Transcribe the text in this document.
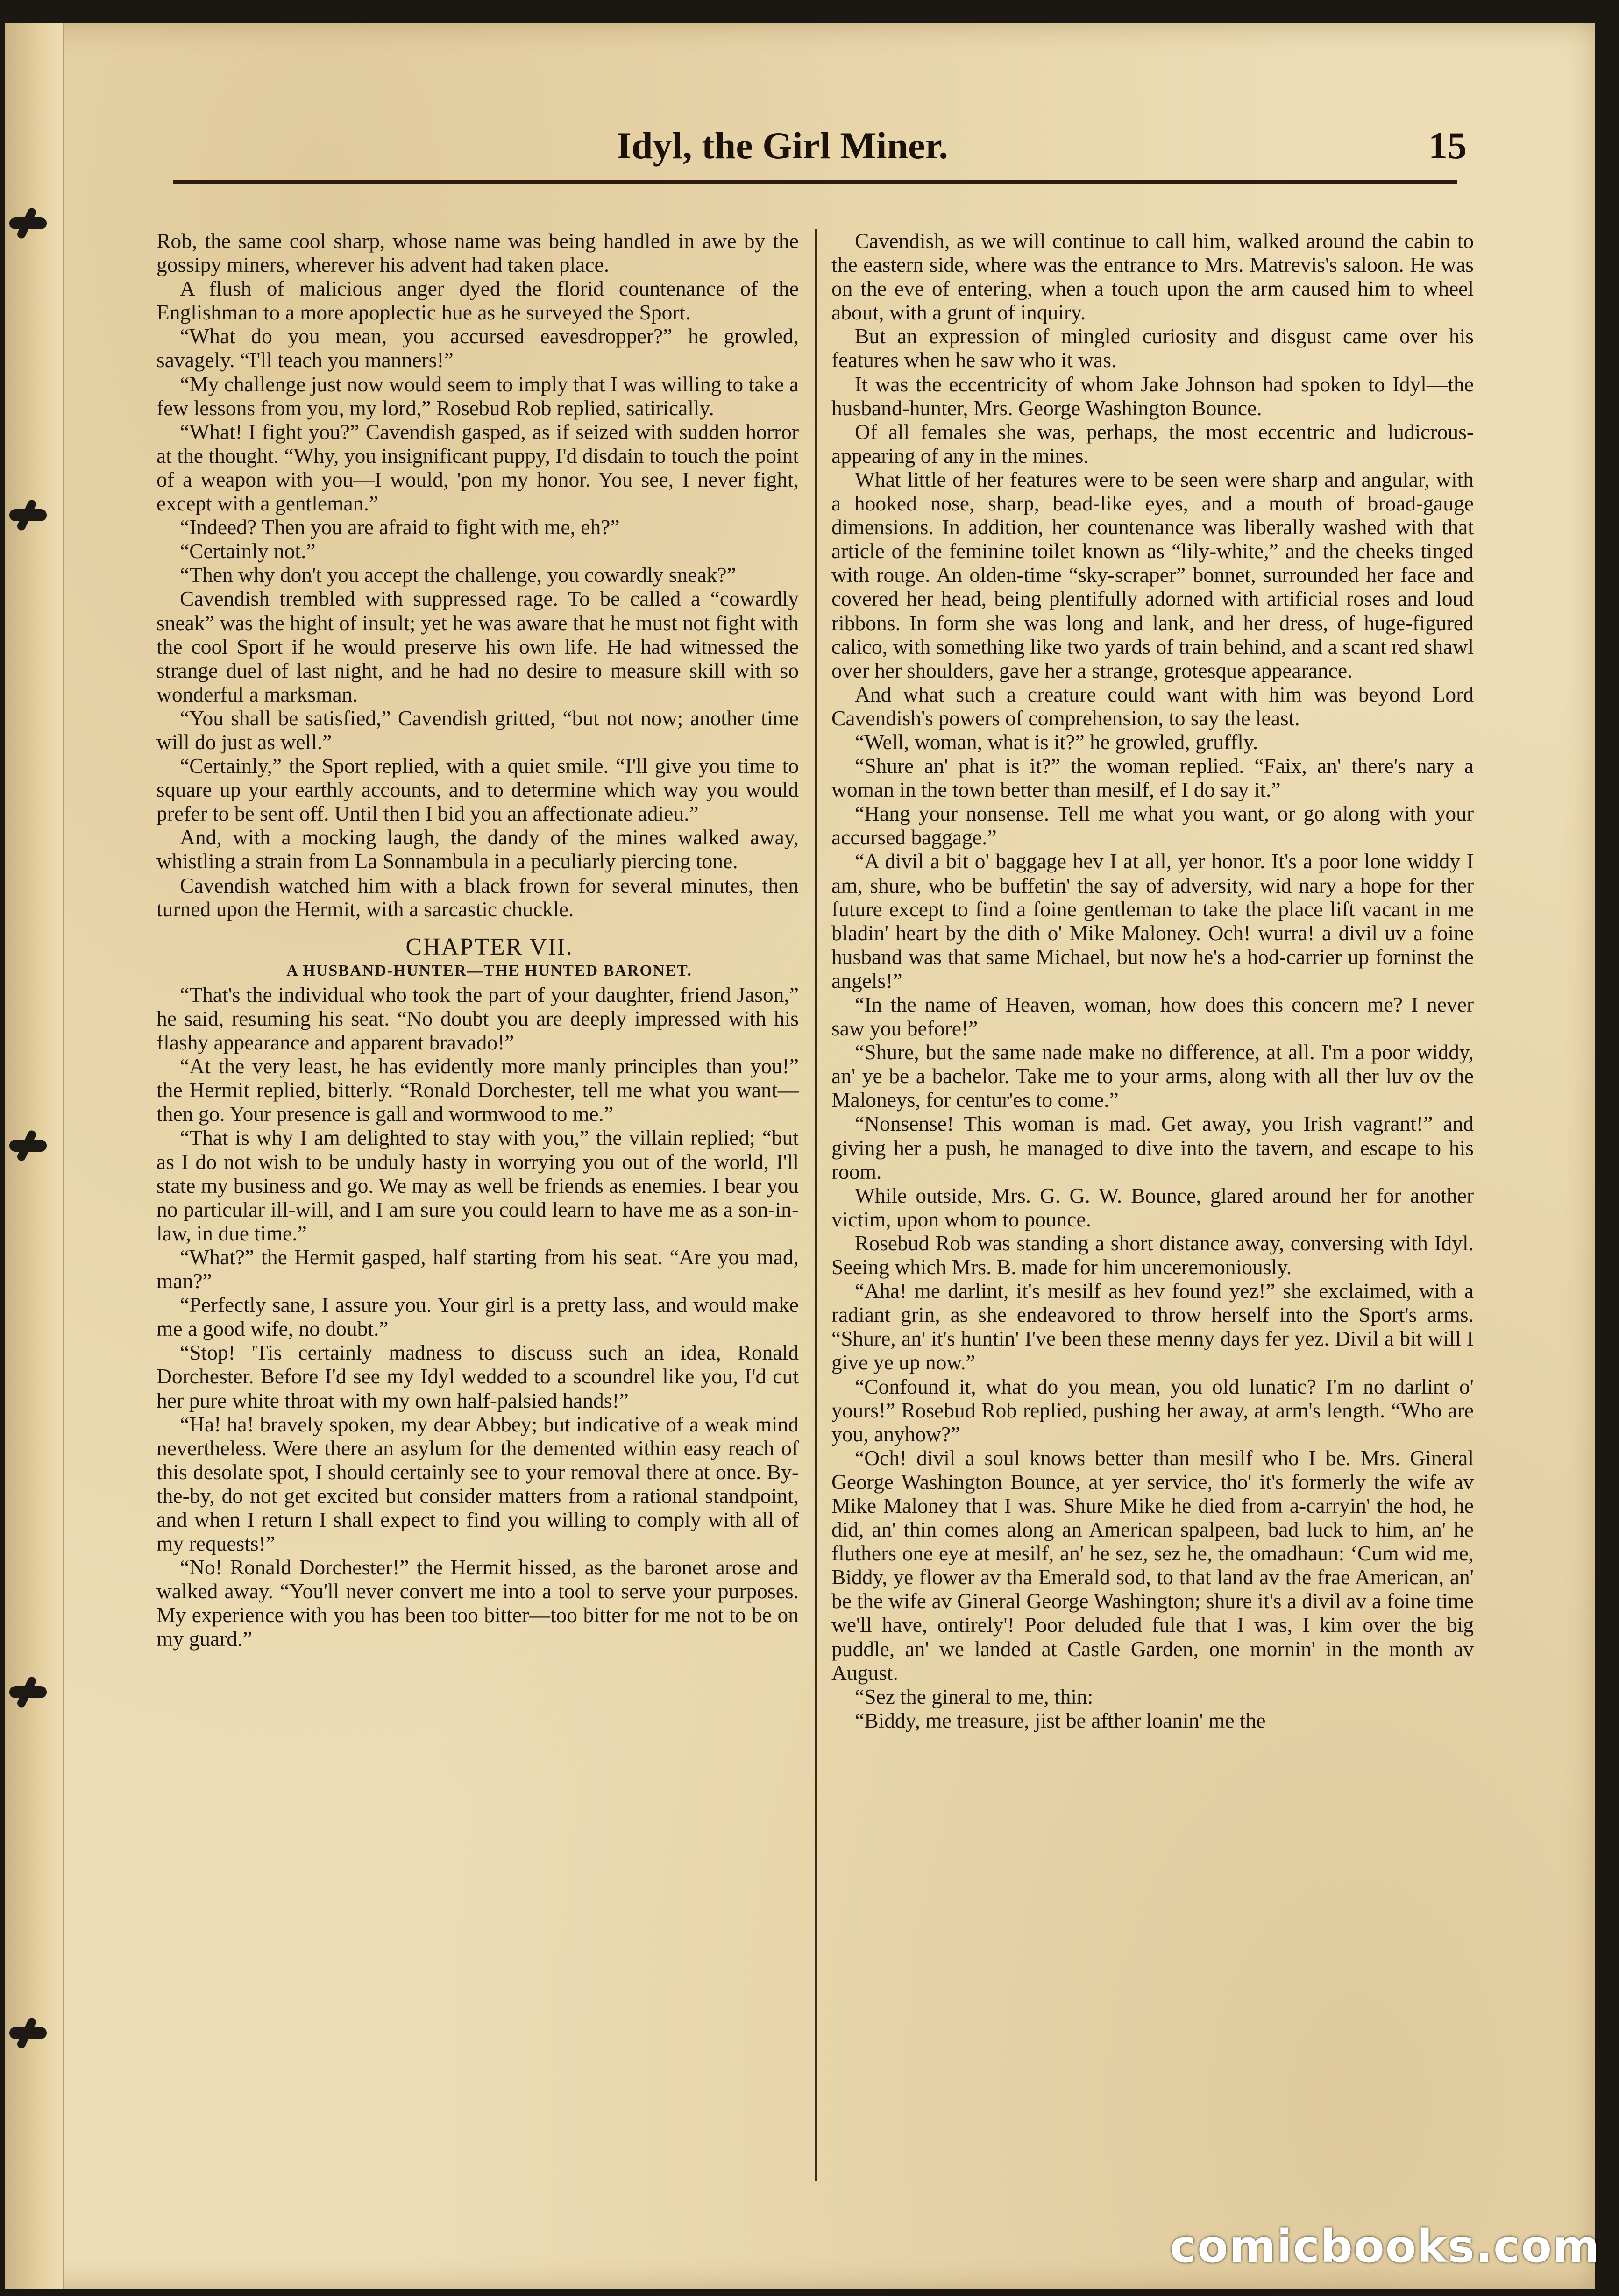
Idyl, the Girl Miner.	15

Rob, the same cool sharp, whose name was being handled in awe by the gossipy miners, wherever his advent had taken place.

A flush of malicious anger dyed the florid countenance of the Englishman to a more apoplectic hue as he surveyed the Sport.

“What do you mean, you accursed eavesdropper?” he growled, savagely. “I'll teach you manners!”

“My challenge just now would seem to imply that I was willing to take a few lessons from you, my lord,” Rosebud Rob replied, satirically.

“What! I fight you?” Cavendish gasped, as if seized with sudden horror at the thought. “Why, you insignificant puppy, I'd disdain to touch the point of a weapon with you—I would, 'pon my honor. You see, I never fight, except with a gentleman.”

“Indeed? Then you are afraid to fight with me, eh?”

“Certainly not.”

“Then why don't you accept the challenge, you cowardly sneak?”

Cavendish trembled with suppressed rage. To be called a “cowardly sneak” was the hight of insult; yet he was aware that he must not fight with the cool Sport if he would preserve his own life. He had witnessed the strange duel of last night, and he had no desire to measure skill with so wonderful a marksman.

“You shall be satisfied,” Cavendish gritted, “but not now; another time will do just as well.”

“Certainly,” the Sport replied, with a quiet smile. “I'll give you time to square up your earthly accounts, and to determine which way you would prefer to be sent off. Until then I bid you an affectionate adieu.”

And, with a mocking laugh, the dandy of the mines walked away, whistling a strain from La Sonnambula in a peculiarly piercing tone.

Cavendish watched him with a black frown for several minutes, then turned upon the Hermit, with a sarcastic chuckle.

CHAPTER VII.

A HUSBAND-HUNTER—THE HUNTED BARONET.

“That's the individual who took the part of your daughter, friend Jason,” he said, resuming his seat. “No doubt you are deeply impressed with his flashy appearance and apparent bravado!”

“At the very least, he has evidently more manly principles than you!” the Hermit replied, bitterly. “Ronald Dorchester, tell me what you want—then go. Your presence is gall and wormwood to me.”

“That is why I am delighted to stay with you,” the villain replied; “but as I do not wish to be unduly hasty in worrying you out of the world, I'll state my business and go. We may as well be friends as enemies. I bear you no particular ill-will, and I am sure you could learn to have me as a son-in-law, in due time.”

“What?” the Hermit gasped, half starting from his seat. “Are you mad, man?”

“Perfectly sane, I assure you. Your girl is a pretty lass, and would make me a good wife, no doubt.”

“Stop! 'Tis certainly madness to discuss such an idea, Ronald Dorchester. Before I'd see my Idyl wedded to a scoundrel like you, I'd cut her pure white throat with my own half-palsied hands!”

“Ha! ha! bravely spoken, my dear Abbey; but indicative of a weak mind nevertheless. Were there an asylum for the demented within easy reach of this desolate spot, I should certainly see to your removal there at once. By-the-by, do not get excited but consider matters from a rational standpoint, and when I return I shall expect to find you willing to comply with all of my requests!”

“No! Ronald Dorchester!” the Hermit hissed, as the baronet arose and walked away. “You'll never convert me into a tool to serve your purposes. My experience with you has been too bitter—too bitter for me not to be on my guard.”

Cavendish, as we will continue to call him, walked around the cabin to the eastern side, where was the entrance to Mrs. Matrevis's saloon. He was on the eve of entering, when a touch upon the arm caused him to wheel about, with a grunt of inquiry.

But an expression of mingled curiosity and disgust came over his features when he saw who it was.

It was the eccentricity of whom Jake Johnson had spoken to Idyl—the husband-hunter, Mrs. George Washington Bounce.

Of all females she was, perhaps, the most eccentric and ludicrous-appearing of any in the mines.

What little of her features were to be seen were sharp and angular, with a hooked nose, sharp, bead-like eyes, and a mouth of broad-gauge dimensions. In addition, her countenance was liberally washed with that article of the feminine toilet known as “lily-white,” and the cheeks tinged with rouge. An olden-time “sky-scraper” bonnet, surrounded her face and covered her head, being plentifully adorned with artificial roses and loud ribbons. In form she was long and lank, and her dress, of huge-figured calico, with something like two yards of train behind, and a scant red shawl over her shoulders, gave her a strange, grotesque appearance.

And what such a creature could want with him was beyond Lord Cavendish's powers of comprehension, to say the least.

“Well, woman, what is it?” he growled, gruffly.

“Shure an' phat is it?” the woman replied. “Faix, an' there's nary a woman in the town better than mesilf, ef I do say it.”

“Hang your nonsense. Tell me what you want, or go along with your accursed baggage.”

“A divil a bit o' baggage hev I at all, yer honor. It's a poor lone widdy I am, shure, who be buffetin' the say of adversity, wid nary a hope for ther future except to find a foine gentleman to take the place lift vacant in me bladin' heart by the dith o' Mike Maloney. Och! wurra! a divil uv a foine husband was that same Michael, but now he's a hod-carrier up forninst the angels!”

“In the name of Heaven, woman, how does this concern me? I never saw you before!”

“Shure, but the same nade make no difference, at all. I'm a poor widdy, an' ye be a bachelor. Take me to your arms, along with all ther luv ov the Maloneys, for centur'es to come.”

“Nonsense! This woman is mad. Get away, you Irish vagrant!” and giving her a push, he managed to dive into the tavern, and escape to his room.

While outside, Mrs. G. G. W. Bounce, glared around her for another victim, upon whom to pounce.

Rosebud Rob was standing a short distance away, conversing with Idyl. Seeing which Mrs. B. made for him unceremoniously.

“Aha! me darlint, it's mesilf as hev found yez!” she exclaimed, with a radiant grin, as she endeavored to throw herself into the Sport's arms. “Shure, an' it's huntin' I've been these menny days fer yez. Divil a bit will I give ye up now.”

“Confound it, what do you mean, you old lunatic? I'm no darlint o' yours!” Rosebud Rob replied, pushing her away, at arm's length. “Who are you, anyhow?”

“Och! divil a soul knows better than mesilf who I be. Mrs. Gineral George Washington Bounce, at yer service, tho' it's formerly the wife av Mike Maloney that I was. Shure Mike he died from a-carryin' the hod, he did, an' thin comes along an American spalpeen, bad luck to him, an' he fluthers one eye at mesilf, an' he sez, sez he, the omadhaun: ‘Cum wid me, Biddy, ye flower av tha Emerald sod, to that land av the frae American, an' be the wife av Gineral George Washington; shure it's a divil av a foine time we'll have, ontirely'! Poor deluded fule that I was, I kim over the big puddle, an' we landed at Castle Garden, one mornin' in the month av August.

“Sez the gineral to me, thin:

“Biddy, me treasure, jist be afther loanin' me the

comicbooks.com
